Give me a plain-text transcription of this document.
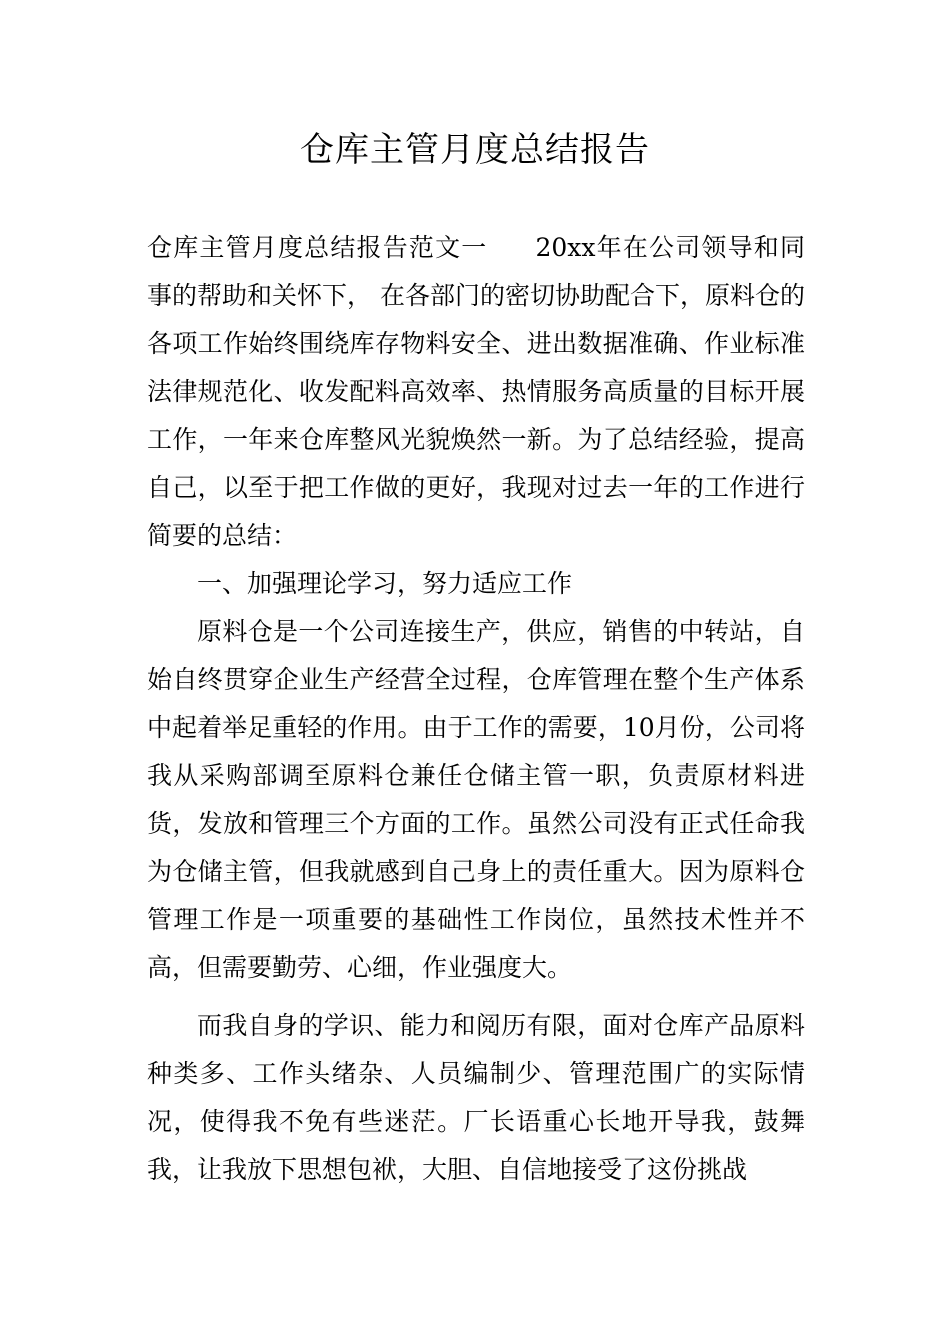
仓库主管月度总结报告

仓库主管月度总结报告范文一 20xx年在公司领导和同事的帮助和关怀下， 在各部门的密切协助配合下，原料仓的各项工作始终围绕库存物料安全、进出数据准确、作业标准法律规范化、收发配料高效率、热情服务高质量的目标开展工作，一年来仓库整风光貌焕然一新。为了总结经验，提高自己，以至于把工作做的更好，我现对过去一年的工作进行简要的总结：

一、加强理论学习，努力适应工作

原料仓是一个公司连接生产，供应，销售的中转站，自始自终贯穿企业生产经营全过程，仓库管理在整个生产体系中起着举足重轻的作用。由于工作的需要，10月份，公司将我从采购部调至原料仓兼任仓储主管一职，负责原材料进货，发放和管理三个方面的工作。虽然公司没有正式任命我为仓储主管，但我就感到自己身上的责任重大。因为原料仓管理工作是一项重要的基础性工作岗位，虽然技术性并不高，但需要勤劳、心细，作业强度大。

而我自身的学识、能力和阅历有限，面对仓库产品原料种类多、工作头绪杂、人员编制少、管理范围广的实际情况，使得我不免有些迷茫。厂长语重心长地开导我，鼓舞我，让我放下思想包袱，大胆、自信地接受了这份挑战
